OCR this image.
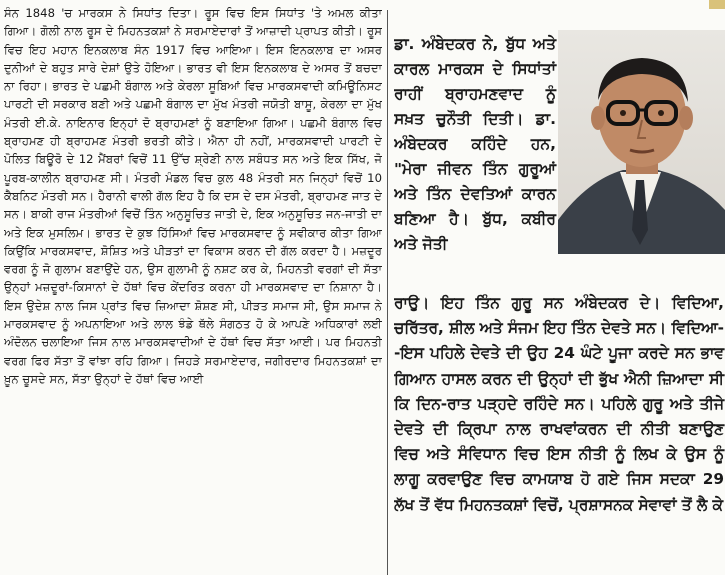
ਸੰਨ 1848 'ਚ ਮਾਰਕਸ ਨੇ ਸਿਧਾਂਤ ਦਿਤਾ। ਰੂਸ ਵਿਚ ਇਸ ਸਿਧਾਂਤ 'ਤੇ ਅਮਲ ਕੀਤਾ ਗਿਆ। ਗੋਲੀ ਨਾਲ ਰੂਸ ਦੇ ਮਿਹਨਤਕਸ਼ਾਂ ਨੇ ਸਰਮਾਏਦਾਰਾਂ ਤੋਂ ਆਜ਼ਾਦੀ ਪ੍ਰਾਪਤ ਕੀਤੀ। ਰੂਸ ਵਿਚ ਇਹ ਮਹਾਨ ਇਨਕਲਾਬ ਸੰਨ 1917 ਵਿਚ ਆਇਆ। ਇਸ ਇਨਕਲਾਬ ਦਾ ਅਸਰ ਦੁਨੀਆਂ ਦੇ ਬਹੁਤ ਸਾਰੇ ਦੇਸ਼ਾਂ ਉਤੇ ਹੋਇਆ। ਭਾਰਤ ਵੀ ਇਸ ਇਨਕਲਾਬ ਦੇ ਅਸਰ ਤੋਂ ਬਚਦਾ ਨਾ ਰਿਹਾ। ਭਾਰਤ ਦੇ ਪਛਮੀ ਬੰਗਾਲ ਅਤੇ ਕੇਰਲਾ ਸੂਬਿਆਂ ਵਿਚ ਮਾਰਕਸਵਾਦੀ ਕਮਿਊਨਿਸਟ ਪਾਰਟੀ ਦੀ ਸਰਕਾਰ ਬਣੀ ਅਤੇ ਪਛਮੀ ਬੰਗਾਲ ਦਾ ਮੁੱਖ ਮੰਤਰੀ ਜਯੋਤੀ ਬਾਸੂ, ਕੇਰਲਾ ਦਾ ਮੁੱਖ ਮੰਤਰੀ ਈ.ਕੇ. ਨਾਇਨਾਰ ਇਨ੍ਹਾਂ ਦੋ ਬ੍ਰਾਹਮਣਾਂ ਨੂੰ ਬਣਾਇਆ ਗਿਆ। ਪਛਮੀ ਬੰਗਾਲ ਵਿਚ ਬ੍ਰਾਹਮਣ ਹੀ ਬ੍ਰਾਹਮਣ ਮੰਤਰੀ ਭਰਤੀ ਕੀਤੇ। ਐਨਾ ਹੀ ਨਹੀਂ, ਮਾਰਕਸਵਾਦੀ ਪਾਰਟੀ ਦੇ ਪੋਲਿਤ ਬਿਊਰੋ ਦੇ 12 ਮੈਂਬਰਾਂ ਵਿਚੋਂ 11 ਉੱਚ ਸ਼੍ਰੇਣੀ ਨਾਲ ਸਬੰਧਤ ਸਨ ਅਤੇ ਇਕ ਸਿੱਖ, ਜੋ ਪੂਰਬ-ਕਾਲੀਨ ਬ੍ਰਾਹਮਣ ਸੀ। ਮੰਤਰੀ ਮੰਡਲ ਵਿਚ ਕੁਲ 48 ਮੰਤਰੀ ਸਨ ਜਿਨ੍ਹਾਂ ਵਿਚੋਂ 10 ਕੈਬਨਿਟ ਮੰਤਰੀ ਸਨ। ਹੈਰਾਨੀ ਵਾਲੀ ਗੱਲ ਇਹ ਹੈ ਕਿ ਦਸ ਦੇ ਦਸ ਮੰਤਰੀ, ਬ੍ਰਾਹਮਣ ਜਾਤ ਦੇ ਸਨ। ਬਾਕੀ ਰਾਜ ਮੰਤਰੀਆਂ ਵਿਚੋਂ ਤਿੰਨ ਅਨੁਸੂਚਿਤ ਜਾਤੀ ਦੇ, ਇਕ ਅਨੁਸੂਚਿਤ ਜਨ-ਜਾਤੀ ਦਾ ਅਤੇ ਇਕ ਮੁਸਲਿਮ। ਭਾਰਤ ਦੇ ਕੁਝ ਹਿੱਸਿਆਂ ਵਿਚ ਮਾਰਕਸਵਾਦ ਨੂੰ ਸਵੀਕਾਰ ਕੀਤਾ ਗਿਆ ਕਿਉਂਕਿ ਮਾਰਕਸਵਾਦ, ਸ਼ੋਸ਼ਿਤ ਅਤੇ ਪੀੜਤਾਂ ਦਾ ਵਿਕਾਸ ਕਰਨ ਦੀ ਗੱਲ ਕਰਦਾ ਹੈ। ਮਜ਼ਦੂਰ ਵਰਗ ਨੂੰ ਜੋ ਗੁਲਾਮ ਬਣਾਉਂਦੇ ਹਨ, ਉਸ ਗੁਲਾਮੀ ਨੂੰ ਨਸ਼ਟ ਕਰ ਕੇ, ਮਿਹਨਤੀ ਵਰਗਾਂ ਦੀ ਸੱਤਾ ਉਨ੍ਹਾਂ ਮਜ਼ਦੂਰਾਂ-ਕਿਸਾਨਾਂ ਦੇ ਹੱਥਾਂ ਵਿਚ ਕੇਂਦਰਿਤ ਕਰਨਾ ਹੀ ਮਾਰਕਸਵਾਦ ਦਾ ਨਿਸ਼ਾਨਾ ਹੈ। ਇਸ ਉਦੇਸ਼ ਨਾਲ ਜਿਸ ਪ੍ਰਾਂਤ ਵਿਚ ਜ਼ਿਆਦਾ ਸ਼ੋਸ਼ਣ ਸੀ, ਪੀੜਤ ਸਮਾਜ ਸੀ, ਉਸ ਸਮਾਜ ਨੇ ਮਾਰਕਸਵਾਦ ਨੂੰ ਅਪਨਾਇਆ ਅਤੇ ਲਾਲ ਝੰਡੇ ਥੱਲੇ ਸੰਗਠਤ ਹੋ ਕੇ ਆਪਣੇ ਅਧਿਕਾਰਾਂ ਲਈ ਅੰਦੋਲਨ ਚਲਾਇਆ ਜਿਸ ਨਾਲ ਮਾਰਕਸਵਾਦੀਆਂ ਦੇ ਹੱਥਾਂ ਵਿਚ ਸੱਤਾ ਆਈ। ਪਰ ਮਿਹਨਤੀ ਵਰਗ ਫਿਰ ਸੱਤਾ ਤੋਂ ਵਾਂਝਾ ਰਹਿ ਗਿਆ। ਜਿਹੜੇ ਸਰਮਾਏਦਾਰ, ਜਗੀਰਦਾਰ ਮਿਹਨਤਕਸ਼ਾਂ ਦਾ ਖ਼ੂਨ ਚੂਸਦੇ ਸਨ, ਸੱਤਾ ਉਨ੍ਹਾਂ ਦੇ ਹੱਥਾਂ ਵਿਚ ਆਈ

ਡਾ. ਅੰਬੇਦਕਰ ਨੇ, ਬੁੱਧ ਅਤੇ ਕਾਰਲ ਮਾਰਕਸ ਦੇ ਸਿਧਾਂਤਾਂ ਰਾਹੀਂ ਬ੍ਰਾਹਮਣਵਾਦ ਨੂੰ ਸਖ਼ਤ ਚੁਨੌਤੀ ਦਿਤੀ। ਡਾ. ਅੰਬੇਦਕਰ ਕਹਿੰਦੇ ਹਨ, "ਮੇਰਾ ਜੀਵਨ ਤਿੰਨ ਗੁਰੂਆਂ ਅਤੇ ਤਿੰਨ ਦੇਵਤਿਆਂ ਕਾਰਨ ਬਣਿਆ ਹੈ। ਬੁੱਧ, ਕਬੀਰ ਅਤੇ ਜੋਤੀ

ਰਾਉ। ਇਹ ਤਿੰਨ ਗੁਰੂ ਸਨ ਅੰਬੇਦਕਰ ਦੇ। ਵਿਦਿਆ, ਚਰਿੱਤਰ, ਸ਼ੀਲ ਅਤੇ ਸੰਜਮ ਇਹ ਤਿੰਨ ਦੇਵਤੇ ਸਨ। ਵਿਦਿਆ--ਇਸ ਪਹਿਲੇ ਦੇਵਤੇ ਦੀ ਉਹ 24 ਘੰਟੇ ਪੂਜਾ ਕਰਦੇ ਸਨ ਭਾਵ ਗਿਆਨ ਹਾਸਲ ਕਰਨ ਦੀ ਉਨ੍ਹਾਂ ਦੀ ਭੁੱਖ ਐਨੀ ਜ਼ਿਆਦਾ ਸੀ ਕਿ ਦਿਨ-ਰਾਤ ਪੜ੍ਹਦੇ ਰਹਿੰਦੇ ਸਨ। ਪਹਿਲੇ ਗੁਰੂ ਅਤੇ ਤੀਜੇ ਦੇਵਤੇ ਦੀ ਕ੍ਰਿਪਾ ਨਾਲ ਰਾਖਵਾਂਕਰਨ ਦੀ ਨੀਤੀ ਬਣਾਉਣ ਵਿਚ ਅਤੇ ਸੰਵਿਧਾਨ ਵਿਚ ਇਸ ਨੀਤੀ ਨੂੰ ਲਿਖ ਕੇ ਉਸ ਨੂੰ ਲਾਗੂ ਕਰਵਾਉਣ ਵਿਚ ਕਾਮਯਾਬ ਹੋ ਗਏ ਜਿਸ ਸਦਕਾ 29 ਲੱਖ ਤੋਂ ਵੱਧ ਮਿਹਨਤਕਸ਼ਾਂ ਵਿਚੋਂ, ਪ੍ਰਸ਼ਾਸਨਕ ਸੇਵਾਵਾਂ ਤੋਂ ਲੈ ਕੇ
